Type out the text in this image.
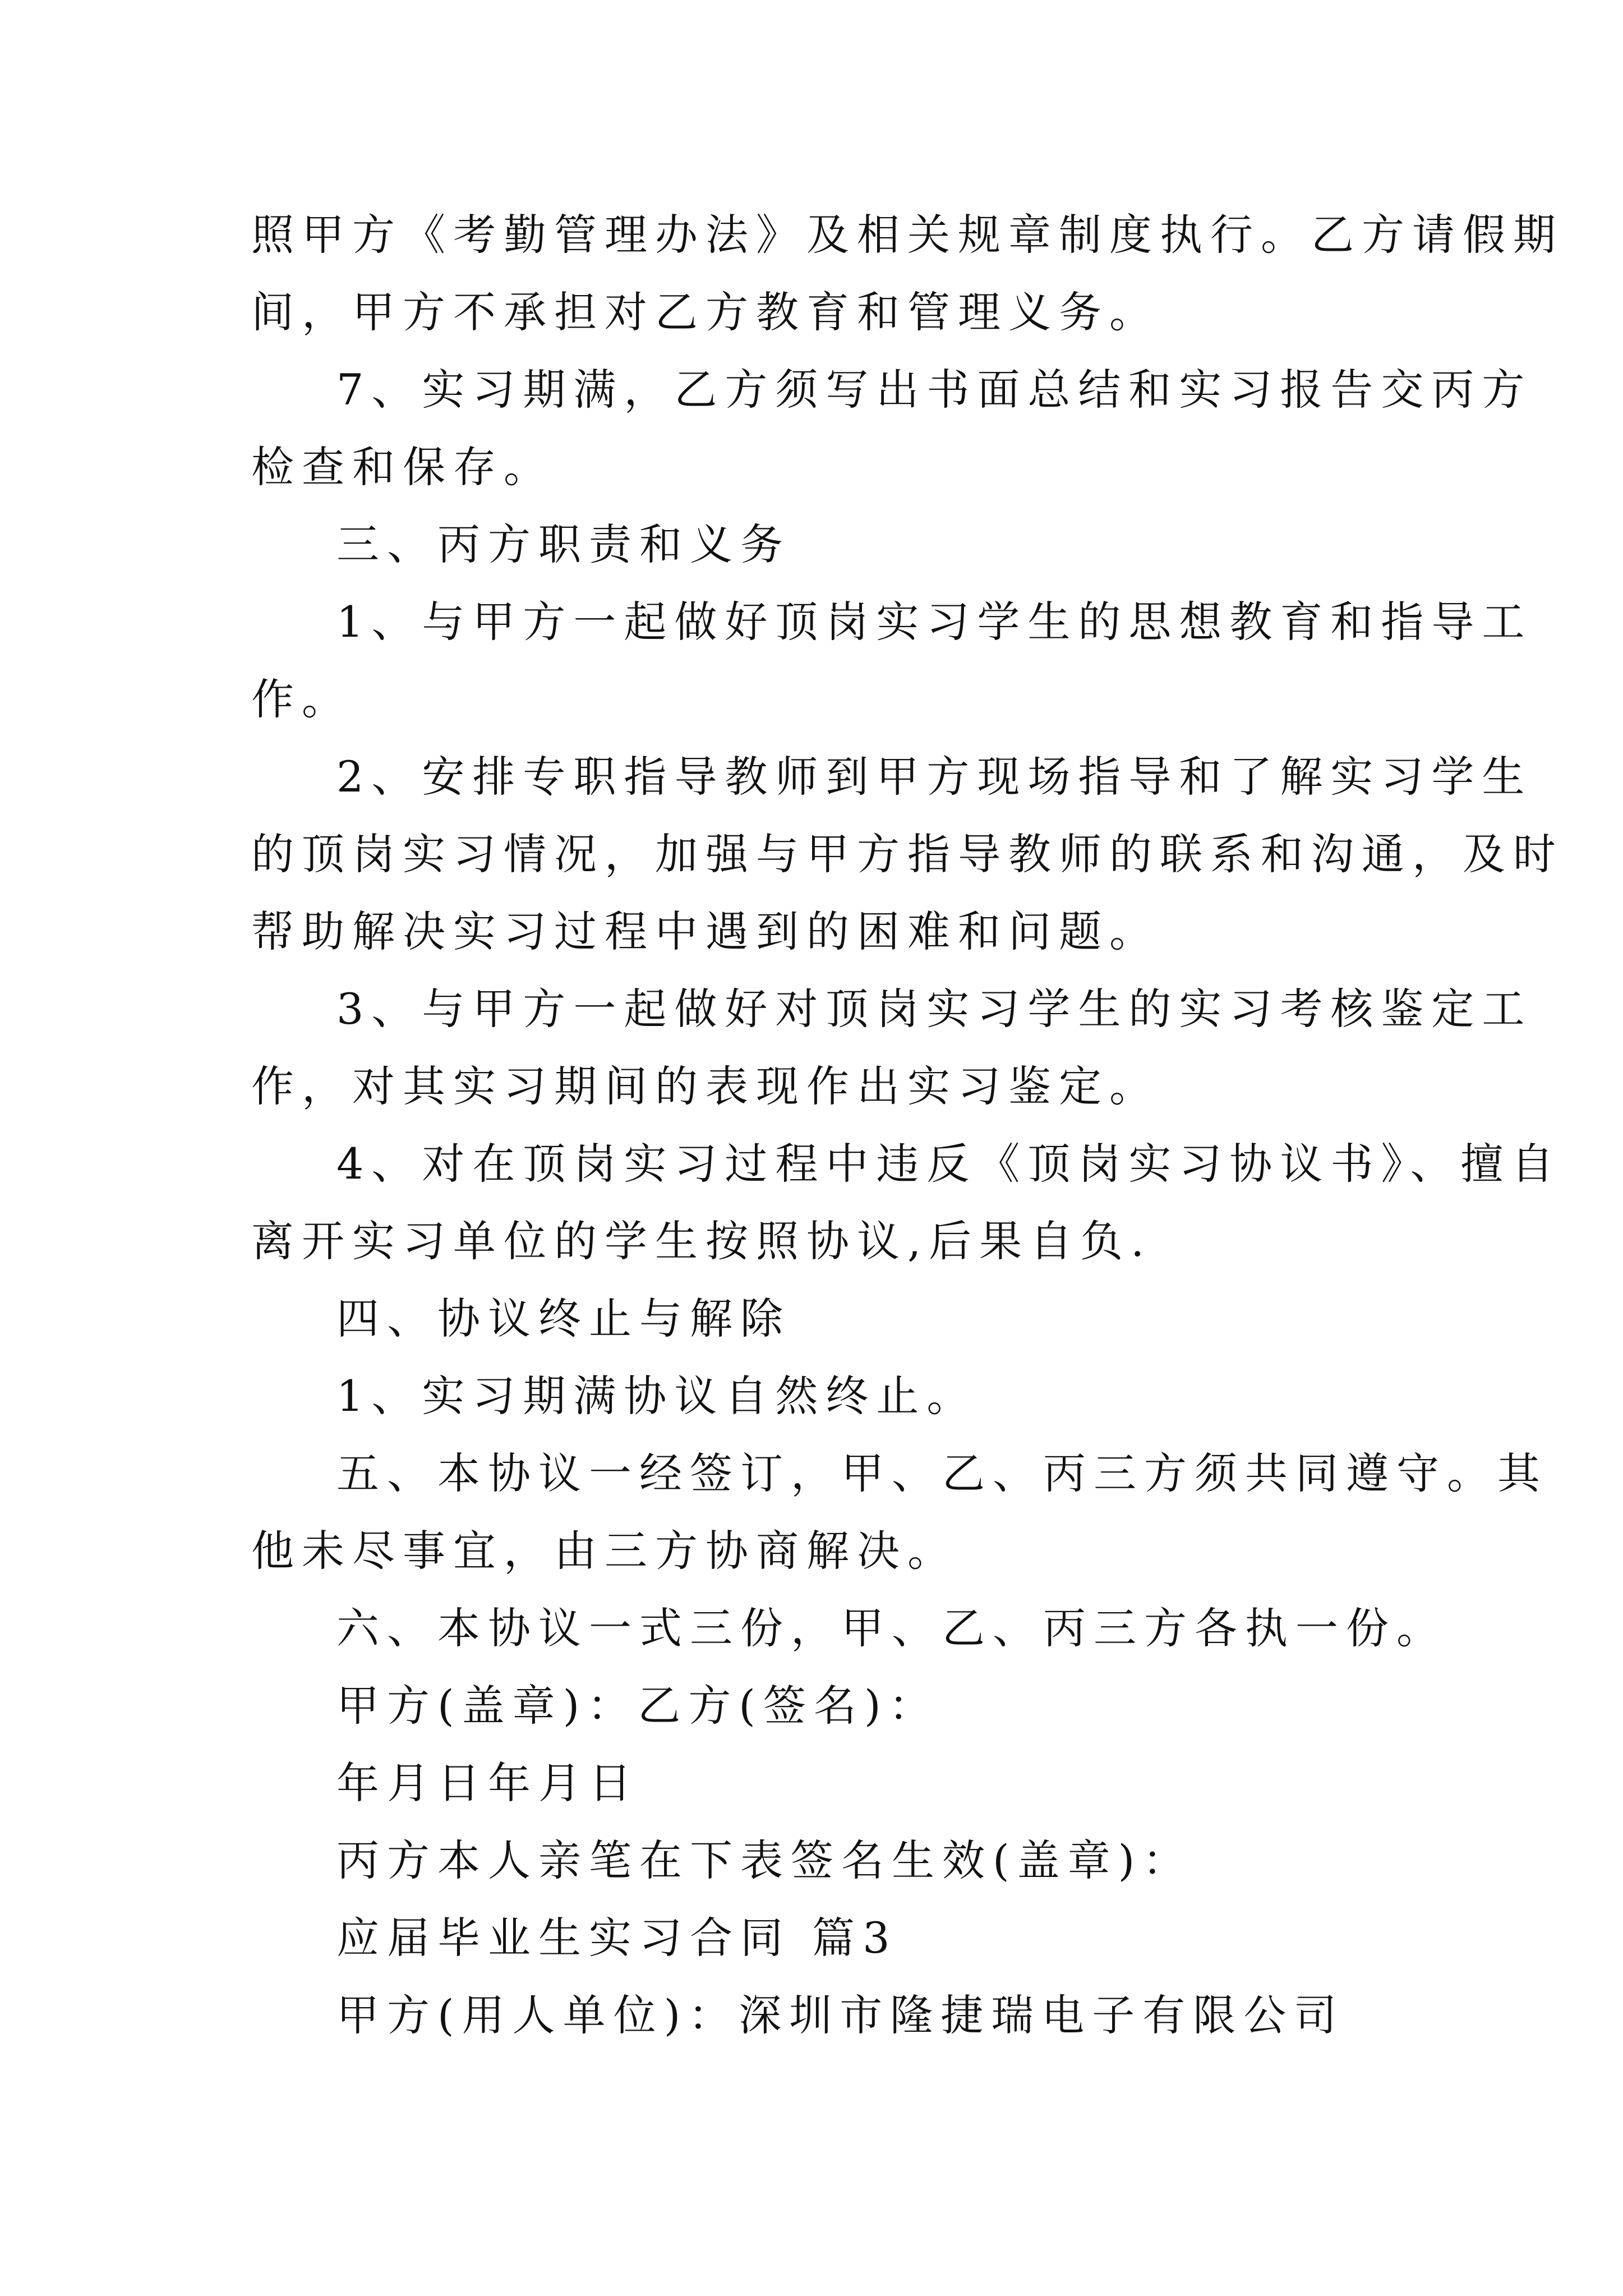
照甲方《考勤管理办法》及相关规章制度执行。乙方请假期
间，甲方不承担对乙方教育和管理义务。

7、实习期满，乙方须写出书面总结和实习报告交丙方
检查和保存。

三、丙方职责和义务

1、与甲方一起做好顶岗实习学生的思想教育和指导工
作。

2、安排专职指导教师到甲方现场指导和了解实习学生
的顶岗实习情况，加强与甲方指导教师的联系和沟通，及时
帮助解决实习过程中遇到的困难和问题。

3、与甲方一起做好对顶岗实习学生的实习考核鉴定工
作，对其实习期间的表现作出实习鉴定。

4、对在顶岗实习过程中违反《顶岗实习协议书》、擅自
离开实习单位的学生按照协议,后果自负.

四、协议终止与解除

1、实习期满协议自然终止。

五、本协议一经签订，甲、乙、丙三方须共同遵守。其
他未尽事宜，由三方协商解决。

六、本协议一式三份，甲、乙、丙三方各执一份。

甲方(盖章)：乙方(签名)：

年月日年月日

丙方本人亲笔在下表签名生效(盖章)：

应届毕业生实习合同 篇3

甲方(用人单位)：深圳市隆捷瑞电子有限公司
